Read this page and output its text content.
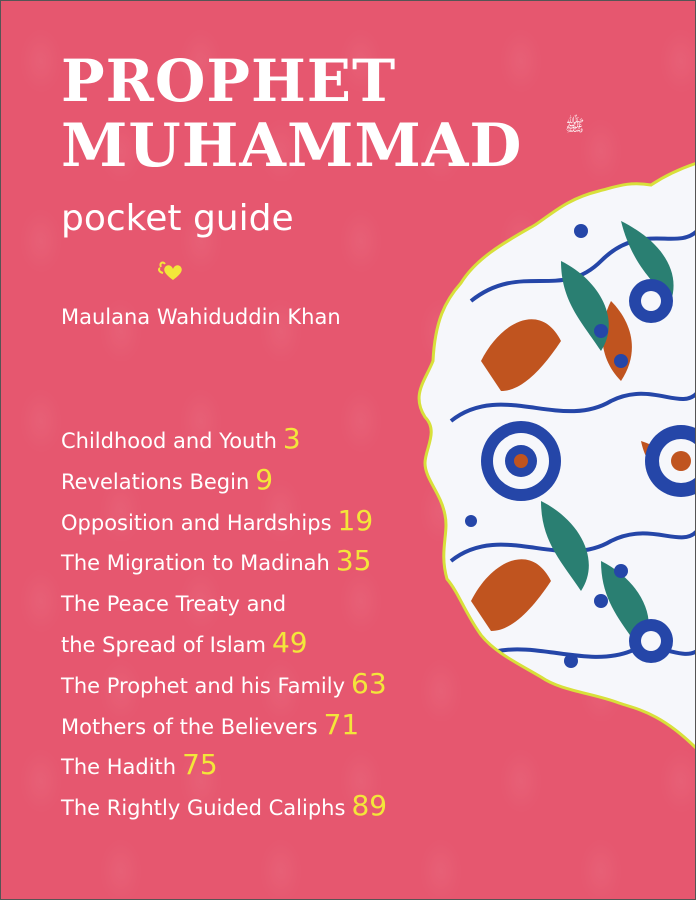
PROPHET
MUHAMMAD	ﷺ
pocket guide
Maulana Wahiduddin Khan
Childhood and Youth 3
Revelations Begin 9
Opposition and Hardships 19
The Migration to Madinah 35
The Peace Treaty and
the Spread of Islam 49
The Prophet and his Family 63
Mothers of the Believers 71
The Hadith 75
The Rightly Guided Caliphs 89
